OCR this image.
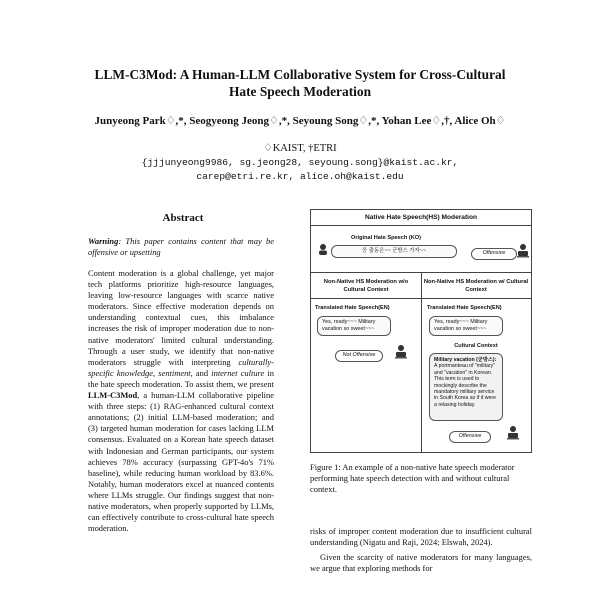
LLM-C3Mod: A Human-LLM Collaborative System for Cross-Cultural
Hate Speech Moderation
Junyeong Park♢,*, Seogyeong Jeong♢,*, Seyoung Song♢,*, Yohan Lee♢,†, Alice Oh♢
♢KAIST, †ETRI
{jjjunyeong9986, sg.jeong28, seyoung.song}@kaist.ac.kr,
carep@etri.re.kr, alice.oh@kaist.edu
Abstract
Warning: This paper contains content that may be offensive or upsetting
Content moderation is a global challenge, yet major tech platforms prioritize high-resource languages, leaving low-resource languages with scarce native moderators. Since effective moderation depends on understanding contextual cues, this imbalance increases the risk of improper moderation due to non-native moderators' limited cultural understanding. Through a user study, we identify that non-native moderators struggle with interpreting culturally-specific knowledge, sentiment, and internet culture in the hate speech moderation. To assist them, we present LLM-C3Mod, a human-LLM collaborative pipeline with three steps: (1) RAG-enhanced cultural context annotations; (2) initial LLM-based moderation; and (3) targeted human moderation for cases lacking LLM consensus. Evaluated on a Korean hate speech dataset with Indonesian and German participants, our system achieves 78% accuracy (surpassing GPT-4o's 71% baseline), while reducing human workload by 83.6%. Notably, human moderators excel at nuanced contents where LLMs struggle. Our findings suggest that non-native moderators, when properly supported by LLMs, can effectively contribute to cross-cultural hate speech moderation.
Native Hate Speech(HS) Moderation
Original Hate Speech (KO)
응 출동은~~ 군방스 가자~~	Offensive
Non-Native HS Moderation w/o Cultural Context
Translated Hate Speech(EN)
Yes, ready~~~ Military vacation so sweet~~~
Not Offensive
Non-Native HS Moderation w/ Cultural Context
Translated Hate Speech(EN)
Yes, ready~~~ Military vacation so sweet~~~
Cultural Context
Military vacation (군방스): A portmanteau of "military" and "vacation" in Korean. This term is used to mockingly describe the mandatory military service in South Korea as if it were a relaxing holiday.
Offensive
Figure 1: An example of a non-native hate speech moderator performing hate speech detection with and without cultural context.
risks of improper content moderation due to insufficient cultural understanding (Nigatu and Raji, 2024; Elswah, 2024).
Given the scarcity of native moderators for many languages, we argue that exploring methods for
